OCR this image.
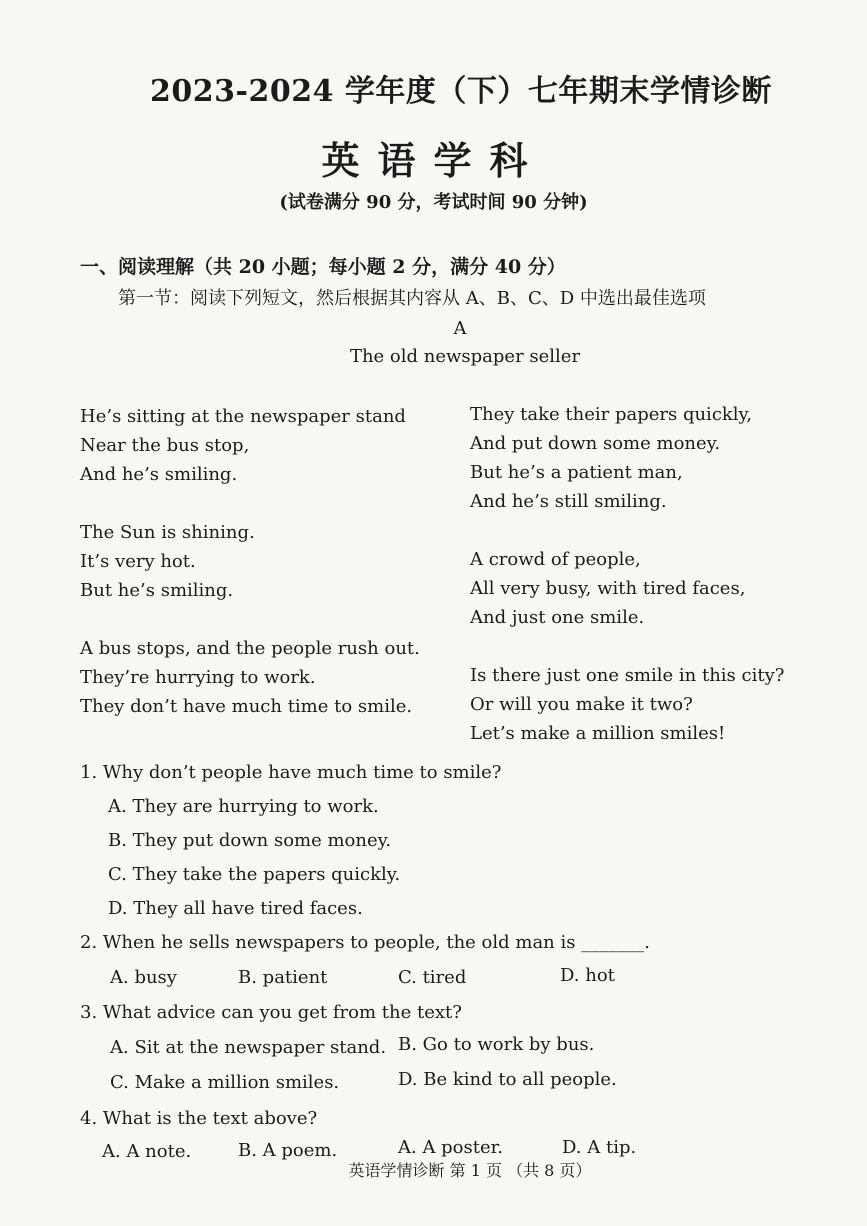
2023-2024 学年度（下）七年期末学情诊断
英语学科
(试卷满分 90 分，考试时间 90 分钟)
一、阅读理解（共 20 小题；每小题 2 分，满分 40 分）
第一节：阅读下列短文，然后根据其内容从 A、B、C、D 中选出最佳选项
A
The old newspaper seller
He’s sitting at the newspaper stand
Near the bus stop,
And he’s smiling.
The Sun is shining.
It’s very hot.
But he’s smiling.
A bus stops, and the people rush out.
They’re hurrying to work.
They don’t have much time to smile.
They take their papers quickly,
And put down some money.
But he’s a patient man,
And he’s still smiling.
A crowd of people,
All very busy, with tired faces,
And just one smile.
Is there just one smile in this city?
Or will you make it two?
Let’s make a million smiles!
1. Why don’t people have much time to smile?
A. They are hurrying to work.
B. They put down some money.
C. They take the papers quickly.
D. They all have tired faces.
2. When he sells newspapers to people, the old man is _______.
A. busy	B. patient	C. tired	D. hot
3. What advice can you get from the text?
A. Sit at the newspaper stand. B. Go to work by bus.
C. Make a million smiles.	D. Be kind to all people.
4. What is the text above?
A. A note.	B. A poem.	A. A poster.	D. A tip.
英语学情诊断 第 1 页 （共 8 页）
